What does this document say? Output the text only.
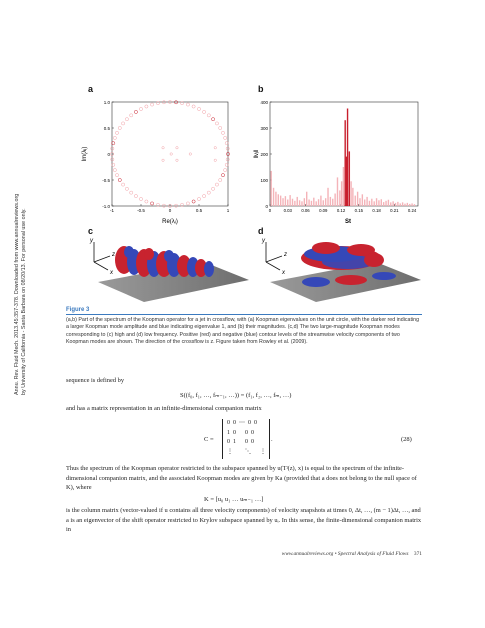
Annu. Rev. Fluid Mech. 2013.45:357-378. Downloaded from www.annualreviews.org by University of California - Santa Barbara on 08/20/13. For personal use only.
a	b
c	d
1.0
0.5
0
-0.5
-1.0
-1	-0.5	0	0.5	1
Im(λⱼ)
Re(λⱼ)
400
300
200
100
0
0	0.03 0.06 0.09 0.12 0.15 0.18 0.21 0.24
‖vⱼ‖
St
y
z
x
y
z
x
Figure 3
(a,b) Part of the spectrum of the Koopman operator for a jet in crossflow, with (a) Koopman eigenvalues on the unit circle, with the darker red indicating a larger Koopman mode amplitude and blue indicating eigenvalue 1, and (b) their magnitudes. (c,d) The two large-magnitude Koopman modes corresponding to (c) high and (d) low frequency. Positive (red) and negative (blue) contour levels of the streamwise velocity components of two Koopman modes are shown. The direction of the crossflow is z. Figure taken from Rowley et al. (2009).
sequence is defined by
S((f₀, f₁, …, fₘ₋₁, …)) = (f₁, f₂, …, fₘ, …)
and has a matrix representation in an infinite-dimensional companion matrix
C =
0  0  ⋯  0  0
1  0      0  0
0  1      0  0
⋮        ⋱      ⋮
.	(28)
Thus the spectrum of the Koopman operator restricted to the subspace spanned by u(Tʲ(z), x) is equal to the spectrum of the infinite-dimensional companion matrix, and the associated Koopman modes are given by Ka (provided that a does not belong to the null space of K), where
K = [u₀ u₁ … uₘ₋₁ …]
is the column matrix (vector-valued if u contains all three velocity components) of velocity snapshots at times 0, Δt, …, (m − 1)Δt, …, and a is an eigenvector of the shift operator restricted to Krylov subspace spanned by uᵢ. In this sense, the finite-dimensional companion matrix in
www.annualreviews.org • Spectral Analysis of Fluid Flows 371
